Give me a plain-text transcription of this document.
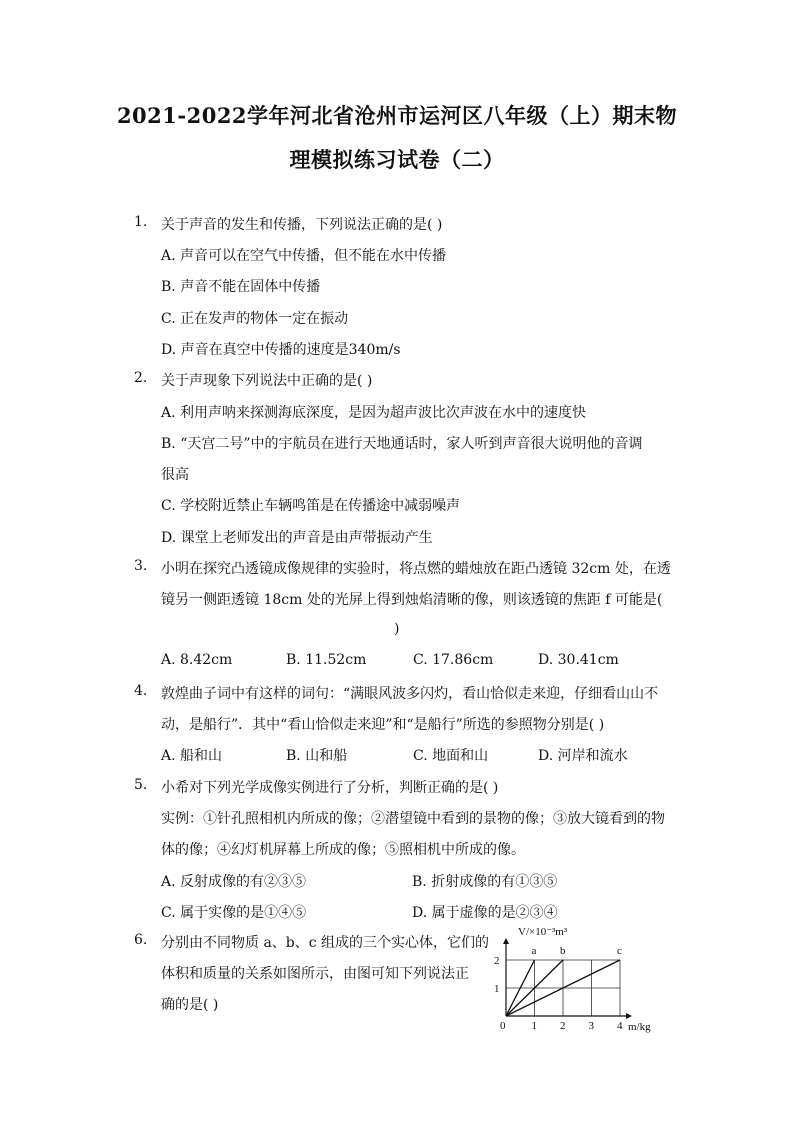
2021-2022学年河北省沧州市运河区八年级（上）期末物
理模拟练习试卷（二）
1. 关于声音的发生和传播，下列说法正确的是( )
A. 声音可以在空气中传播，但不能在水中传播
B. 声音不能在固体中传播
C. 正在发声的物体一定在振动
D. 声音在真空中传播的速度是340m/s
2. 关于声现象下列说法中正确的是( )
A. 利用声呐来探测海底深度，是因为超声波比次声波在水中的速度快
B. “天宫二号”中的宇航员在进行天地通话时，家人听到声音很大说明他的音调
很高
C. 学校附近禁止车辆鸣笛是在传播途中减弱噪声
D. 课堂上老师发出的声音是由声带振动产生
3. 小明在探究凸透镜成像规律的实验时，将点燃的蜡烛放在距凸透镜 32cm 处，在透
镜另一侧距透镜 18cm 处的光屏上得到烛焰清晰的像，则该透镜的焦距 f 可能是(
)
A. 8.42cm	B. 11.52cm	C. 17.86cm	D. 30.41cm
4. 敦煌曲子词中有这样的词句：“满眼风波多闪灼，看山恰似走来迎，仔细看山山不
动，是船行”．其中“看山恰似走来迎”和“是船行”所选的参照物分别是( )
A. 船和山	B. 山和船	C. 地面和山	D. 河岸和流水
5. 小希对下列光学成像实例进行了分析，判断正确的是( )
实例：①针孔照相机内所成的像；②潜望镜中看到的景物的像；③放大镜看到的物
体的像；④幻灯机屏幕上所成的像；⑤照相机中所成的像。
A. 反射成像的有②③⑤	B. 折射成像的有①③⑤
C. 属于实像的是①④⑤	D. 属于虚像的是②③④
6. 分别由不同物质 a、b、c 组成的三个实心体，它们的
体积和质量的关系如图所示，由图可知下列说法正
确的是( )
V/×10⁻³m³
m/kg
0 1 2 3 4
1
2
a b	c
